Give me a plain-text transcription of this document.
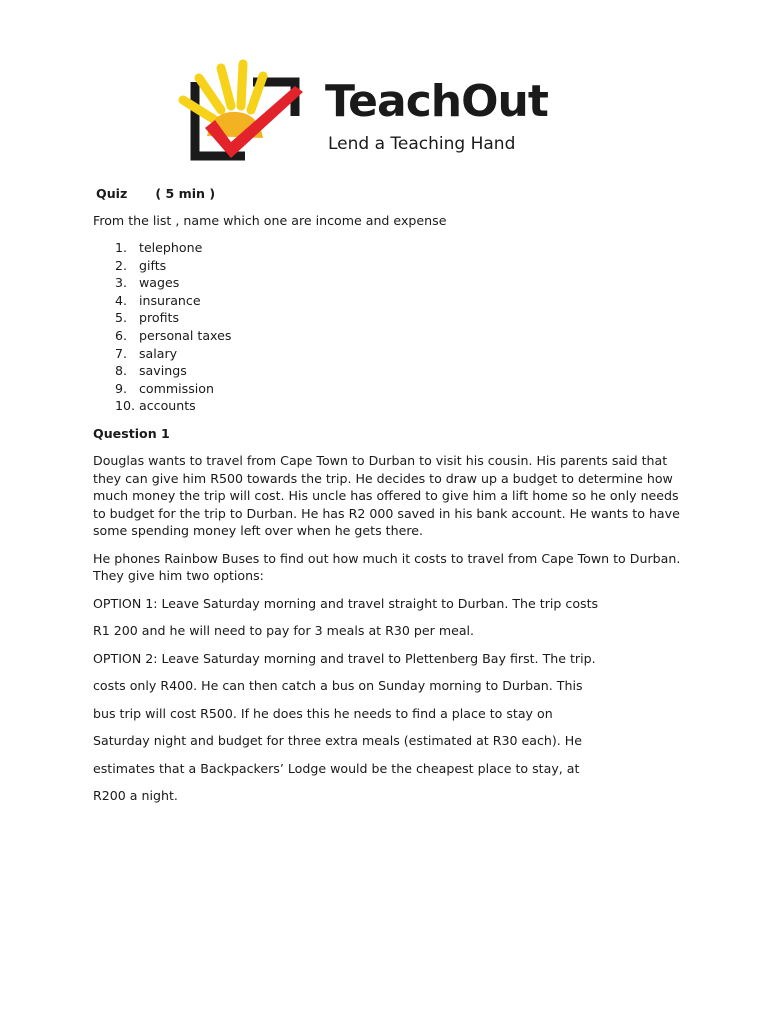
TeachOut
Lend a Teaching Hand
Quiz ( 5 min )

From the list , name which one are income and expense

1. telephone
2. gifts
3. wages
4. insurance
5. profits
6. personal taxes
7. salary
8. savings
9. commission
10. accounts

Question 1

Douglas wants to travel from Cape Town to Durban to visit his cousin. His parents said that they can give him R500 towards the trip. He decides to draw up a budget to determine how much money the trip will cost. His uncle has offered to give him a lift home so he only needs to budget for the trip to Durban. He has R2 000 saved in his bank account. He wants to have some spending money left over when he gets there.

He phones Rainbow Buses to find out how much it costs to travel from Cape Town to Durban. They give him two options:

OPTION 1: Leave Saturday morning and travel straight to Durban. The trip costs

R1 200 and he will need to pay for 3 meals at R30 per meal.

OPTION 2: Leave Saturday morning and travel to Plettenberg Bay first. The trip.

costs only R400. He can then catch a bus on Sunday morning to Durban. This

bus trip will cost R500. If he does this he needs to find a place to stay on

Saturday night and budget for three extra meals (estimated at R30 each). He

estimates that a Backpackers’ Lodge would be the cheapest place to stay, at

R200 a night.
